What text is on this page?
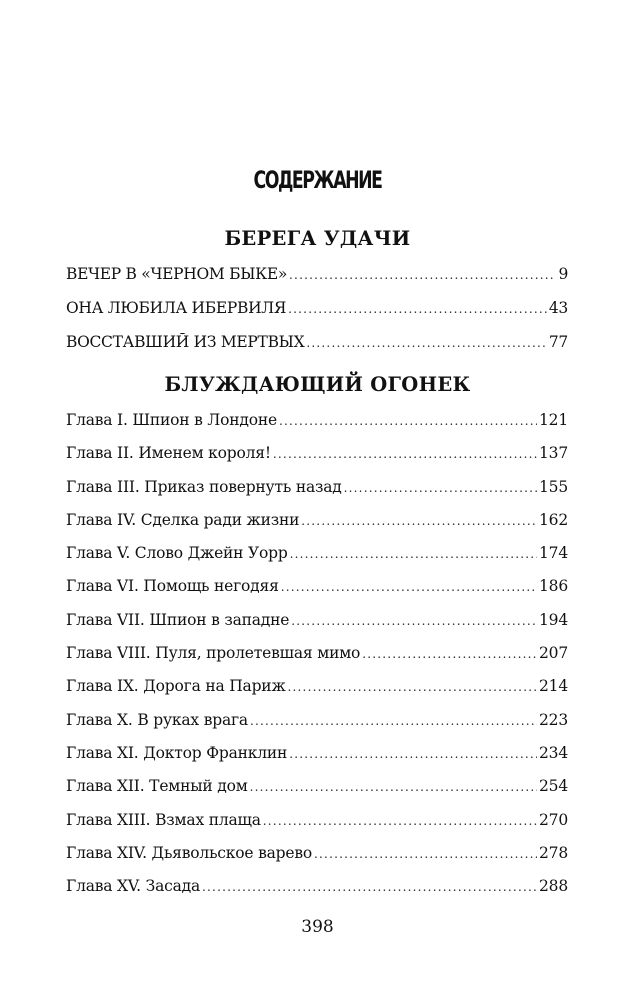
СОДЕРЖАНИЕ
БЕРЕГА УДАЧИ
ВЕЧЕР В «ЧЕРНОМ БЫКЕ» .....	9
ОНА ЛЮБИЛА ИБЕРВИЛЯ .....	43
ВОССТАВШИЙ ИЗ МЕРТВЫХ .....	77
БЛУЖДАЮЩИЙ ОГОНЕК
Глава I. Шпион в Лондоне .....	121
Глава II. Именем короля! .....	137
Глава III. Приказ повернуть назад .....	155
Глава IV. Сделка ради жизни .....	162
Глава V. Слово Джейн Уорр .....	174
Глава VI. Помощь негодяя .....	186
Глава VII. Шпион в западне .....	194
Глава VIII. Пуля, пролетевшая мимо .....	207
Глава IX. Дорога на Париж .....	214
Глава X. В руках врага .....	223
Глава XI. Доктор Франклин .....	234
Глава XII. Темный дом .....	254
Глава XIII. Взмах плаща .....	270
Глава XIV. Дьявольское варево .....	278
Глава XV. Засада .....	288
398
